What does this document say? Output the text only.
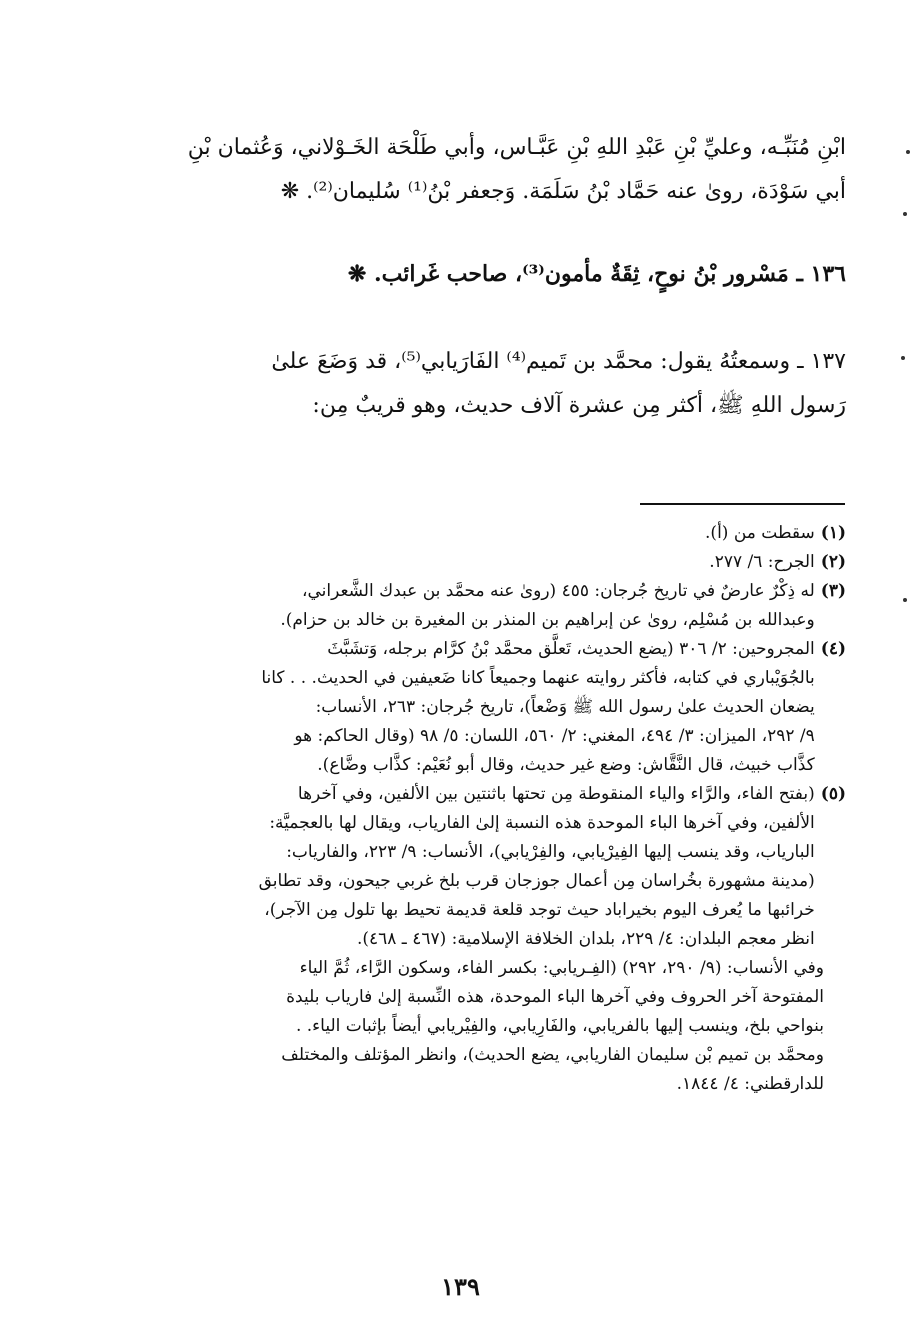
ابْنِ مُنَبِّـه، وعليِّ بْنِ عَبْدِ اللهِ بْنِ عَبَّـاس، وأبي طَلْحَة الخَـوْلاني، وَعُثمان بْنِ
أبي سَوْدَة، روىٰ عنه حَمَّاد بْنُ سَلَمَة. وَجعفر بْنُ⁽¹⁾ سُليمان⁽²⁾. ❋
١٣٦ ـ مَسْرور بْنُ نوحٍ، ثِقَةٌ مأمون⁽³⁾، صاحب غَرائب. ❋
١٣٧ ـ وسمعتُهُ يقول: محمَّد بن تَميم⁽⁴⁾ الفَارَيابي⁽⁵⁾، قد وَضَعَ علىٰ
رَسول اللهِ ﷺ، أكثر مِن عشرة آلاف حديث، وهو قريبٌ مِن:
(١)
سقطت من (أ).
(٢)
الجرح: ٦/ ٢٧٧.
(٣)
له ذِكْرٌ عارضٌ في تاريخ جُرجان: ٤٥٥ (روىٰ عنه محمَّد بن عبدك الشَّعراني،
وعبدالله بن مُسْلِم، روىٰ عن إبراهيم بن المنذر بن المغيرة بن خالد بن حزام).
(٤)
المجروحين: ٢/ ٣٠٦ (يضع الحديث، تَعلَّق محمَّد بْنُ كرَّام برجله، وَتشَبَّثَ
بالجُوَيْباري في كتابه، فأكثر روايته عنهما وجميعاً كانا ضَعيفين في الحديث. . . كانا
يضعان الحديث علىٰ رسول الله ﷺ وَضْعاً)، تاريخ جُرجان: ٢٦٣، الأنساب:
٩/ ٢٩٢، الميزان: ٣/ ٤٩٤، المغني: ٢/ ٥٦٠، اللسان: ٥/ ٩٨ (وقال الحاكم: هو
كذَّاب خبيث، قال النَّقَّاش: وضع غير حديث، وقال أبو نُعَيْم: كذَّاب وضَّاع).
(٥)
(بفتح الفاء، والرَّاء والياء المنقوطة مِن تحتها باثنتين بين الألفين، وفي آخرها
الألفين، وفي آخرها الباء الموحدة هذه النسبة إلىٰ الفارياب، ويقال لها بالعجميَّة:
الباریاب، وقد ينسب إليها الفِيرْيابي، والفِرْيابي)، الأنساب: ٩/ ٢٢٣، والفارياب:
(مدينة مشهورة بخُراسان مِن أعمال جوزجان قرب بلخ غربي جيحون، وقد تطابق
خرائبها ما يُعرف اليوم بخيراباد حيث توجد قلعة قديمة تحيط بها تلول مِن الآجر)،
انظر معجم البلدان: ٤/ ٢٢٩، بلدان الخلافة الإسلامية: (٤٦٧ ـ ٤٦٨).
وفي الأنساب: (٩/ ٢٩٠، ٢٩٢) (الفِـريابي: بكسر الفاء، وسكون الرَّاء، ثُمَّ الياء
المفتوحة آخر الحروف وفي آخرها الباء الموحدة، هذه النِّسبة إلىٰ فارياب بليدة
بنواحي بلخ، وينسب إليها بالفريابي، والفَارِيابي، والفِيْريابي أيضاً بإثبات الياء. .
ومحمَّد بن تميم بْن سليمان الفاريابي، يضع الحديث)، وانظر المؤتلف والمختلف
للدارقطني: ٤/ ١٨٤٤.
١٣٩
